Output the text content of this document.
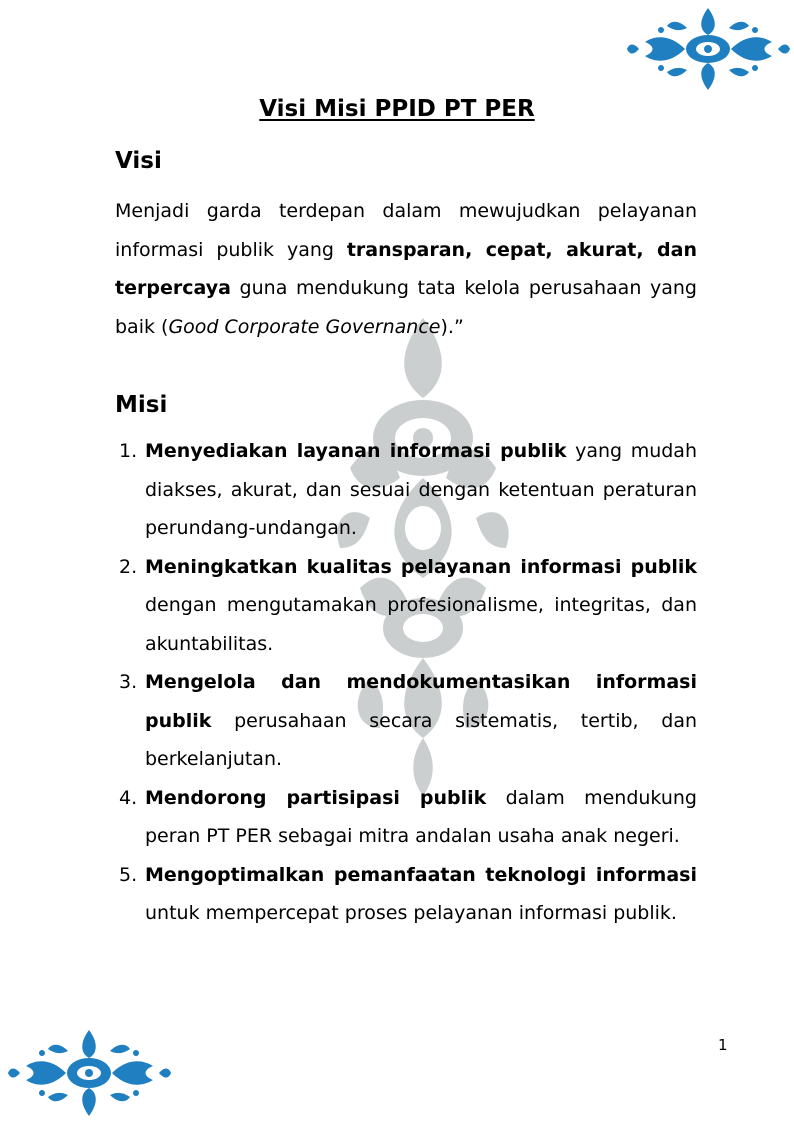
Visi Misi PPID PT PER
Visi

Menjadi garda terdepan dalam mewujudkan pelayanan informasi publik yang transparan, cepat, akurat, dan terpercaya guna mendukung tata kelola perusahaan yang baik (Good Corporate Governance).”

Misi
1. Menyediakan layanan informasi publik yang mudah diakses, akurat, dan sesuai dengan ketentuan peraturan perundang-undangan.
2. Meningkatkan kualitas pelayanan informasi publik dengan mengutamakan profesionalisme, integritas, dan akuntabilitas.
3. Mengelola dan mendokumentasikan informasi publik perusahaan secara sistematis, tertib, dan berkelanjutan.
4. Mendorong partisipasi publik dalam mendukung peran PT PER sebagai mitra andalan usaha anak negeri.
5. Mengoptimalkan pemanfaatan teknologi informasi untuk mempercepat proses pelayanan informasi publik.

1
